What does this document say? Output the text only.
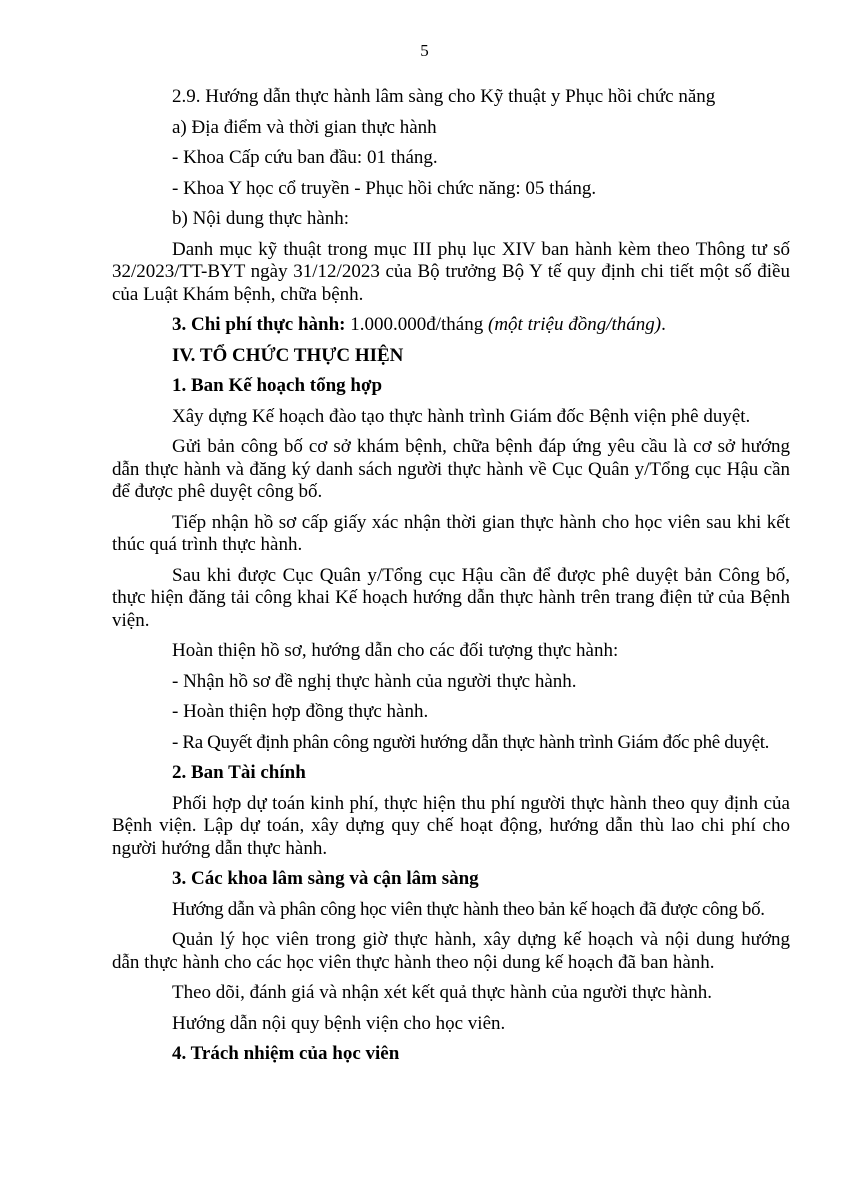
5

2.9. Hướng dẫn thực hành lâm sàng cho Kỹ thuật y Phục hồi chức năng

a) Địa điểm và thời gian thực hành

- Khoa Cấp cứu ban đầu: 01 tháng.

- Khoa Y học cổ truyền - Phục hồi chức năng: 05 tháng.

b) Nội dung thực hành:

Danh mục kỹ thuật trong mục III phụ lục XIV ban hành kèm theo Thông tư số 32/2023/TT-BYT ngày 31/12/2023 của Bộ trưởng Bộ Y tế quy định chi tiết một số điều của Luật Khám bệnh, chữa bệnh.

3. Chi phí thực hành: 1.000.000đ/tháng (một triệu đồng/tháng).

IV. TỔ CHỨC THỰC HIỆN

1. Ban Kế hoạch tổng hợp

Xây dựng Kế hoạch đào tạo thực hành trình Giám đốc Bệnh viện phê duyệt.

Gửi bản công bố cơ sở khám bệnh, chữa bệnh đáp ứng yêu cầu là cơ sở hướng dẫn thực hành và đăng ký danh sách người thực hành về Cục Quân y/Tổng cục Hậu cần để được phê duyệt công bố.

Tiếp nhận hồ sơ cấp giấy xác nhận thời gian thực hành cho học viên sau khi kết thúc quá trình thực hành.

Sau khi được Cục Quân y/Tổng cục Hậu cần để được phê duyệt bản Công bố, thực hiện đăng tải công khai Kế hoạch hướng dẫn thực hành trên trang điện tử của Bệnh viện.

Hoàn thiện hồ sơ, hướng dẫn cho các đối tượng thực hành:

- Nhận hồ sơ đề nghị thực hành của người thực hành.

- Hoàn thiện hợp đồng thực hành.

- Ra Quyết định phân công người hướng dẫn thực hành trình Giám đốc phê duyệt.

2. Ban Tài chính

Phối hợp dự toán kinh phí, thực hiện thu phí người thực hành theo quy định của Bệnh viện. Lập dự toán, xây dựng quy chế hoạt động, hướng dẫn thù lao chi phí cho người hướng dẫn thực hành.

3. Các khoa lâm sàng và cận lâm sàng

Hướng dẫn và phân công học viên thực hành theo bản kế hoạch đã được công bố.

Quản lý học viên trong giờ thực hành, xây dựng kế hoạch và nội dung hướng dẫn thực hành cho các học viên thực hành theo nội dung kế hoạch đã ban hành.

Theo dõi, đánh giá và nhận xét kết quả thực hành của người thực hành.

Hướng dẫn nội quy bệnh viện cho học viên.

4. Trách nhiệm của học viên
